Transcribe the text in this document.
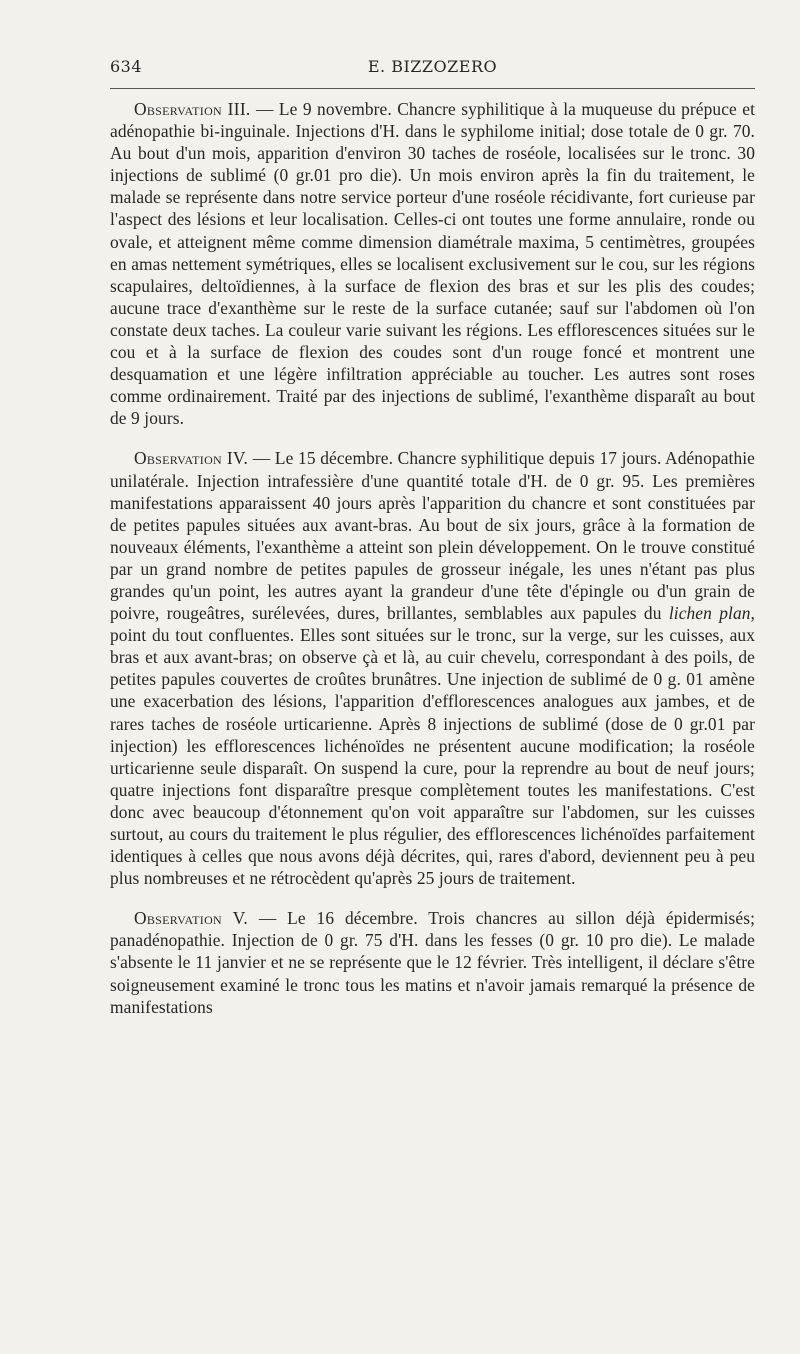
634	E. BIZZOZERO

Observation III. — Le 9 novembre. Chancre syphilitique à la muqueuse du prépuce et adénopathie bi-inguinale. Injections d'H. dans le syphilome initial; dose totale de 0 gr. 70. Au bout d'un mois, apparition d'environ 30 taches de roséole, localisées sur le tronc. 30 injections de sublimé (0 gr.01 pro die). Un mois environ après la fin du traitement, le malade se représente dans notre service porteur d'une roséole récidivante, fort curieuse par l'aspect des lésions et leur localisation. Celles-ci ont toutes une forme annulaire, ronde ou ovale, et atteignent même comme dimension diamétrale maxima, 5 centimètres, groupées en amas nettement symétriques, elles se localisent exclusivement sur le cou, sur les régions scapulaires, deltoïdiennes, à la surface de flexion des bras et sur les plis des coudes; aucune trace d'exanthème sur le reste de la surface cutanée; sauf sur l'abdomen où l'on constate deux taches. La couleur varie suivant les régions. Les efflorescences situées sur le cou et à la surface de flexion des coudes sont d'un rouge foncé et montrent une desquamation et une légère infiltration appréciable au toucher. Les autres sont roses comme ordinairement. Traité par des injections de sublimé, l'exanthème disparaît au bout de 9 jours.

Observation IV. — Le 15 décembre. Chancre syphilitique depuis 17 jours. Adénopathie unilatérale. Injection intrafessière d'une quantité totale d'H. de 0 gr. 95. Les premières manifestations apparaissent 40 jours après l'apparition du chancre et sont constituées par de petites papules situées aux avant-bras. Au bout de six jours, grâce à la formation de nouveaux éléments, l'exanthème a atteint son plein développement. On le trouve constitué par un grand nombre de petites papules de grosseur inégale, les unes n'étant pas plus grandes qu'un point, les autres ayant la grandeur d'une tête d'épingle ou d'un grain de poivre, rougeâtres, surélevées, dures, brillantes, semblables aux papules du lichen plan, point du tout confluentes. Elles sont situées sur le tronc, sur la verge, sur les cuisses, aux bras et aux avant-bras; on observe çà et là, au cuir chevelu, correspondant à des poils, de petites papules couvertes de croûtes brunâtres. Une injection de sublimé de 0 g. 01 amène une exacerbation des lésions, l'apparition d'efflorescences analogues aux jambes, et de rares taches de roséole urticarienne. Après 8 injections de sublimé (dose de 0 gr.01 par injection) les efflorescences lichénoïdes ne présentent aucune modification; la roséole urticarienne seule disparaît. On suspend la cure, pour la reprendre au bout de neuf jours; quatre injections font disparaître presque complètement toutes les manifestations. C'est donc avec beaucoup d'étonnement qu'on voit apparaître sur l'abdomen, sur les cuisses surtout, au cours du traitement le plus régulier, des efflorescences lichénoïdes parfaitement identiques à celles que nous avons déjà décrites, qui, rares d'abord, deviennent peu à peu plus nombreuses et ne rétrocèdent qu'après 25 jours de traitement.

Observation V. — Le 16 décembre. Trois chancres au sillon déjà épidermisés; panadénopathie. Injection de 0 gr. 75 d'H. dans les fesses (0 gr. 10 pro die). Le malade s'absente le 11 janvier et ne se représente que le 12 février. Très intelligent, il déclare s'être soigneusement examiné le tronc tous les matins et n'avoir jamais remarqué la présence de manifestations
